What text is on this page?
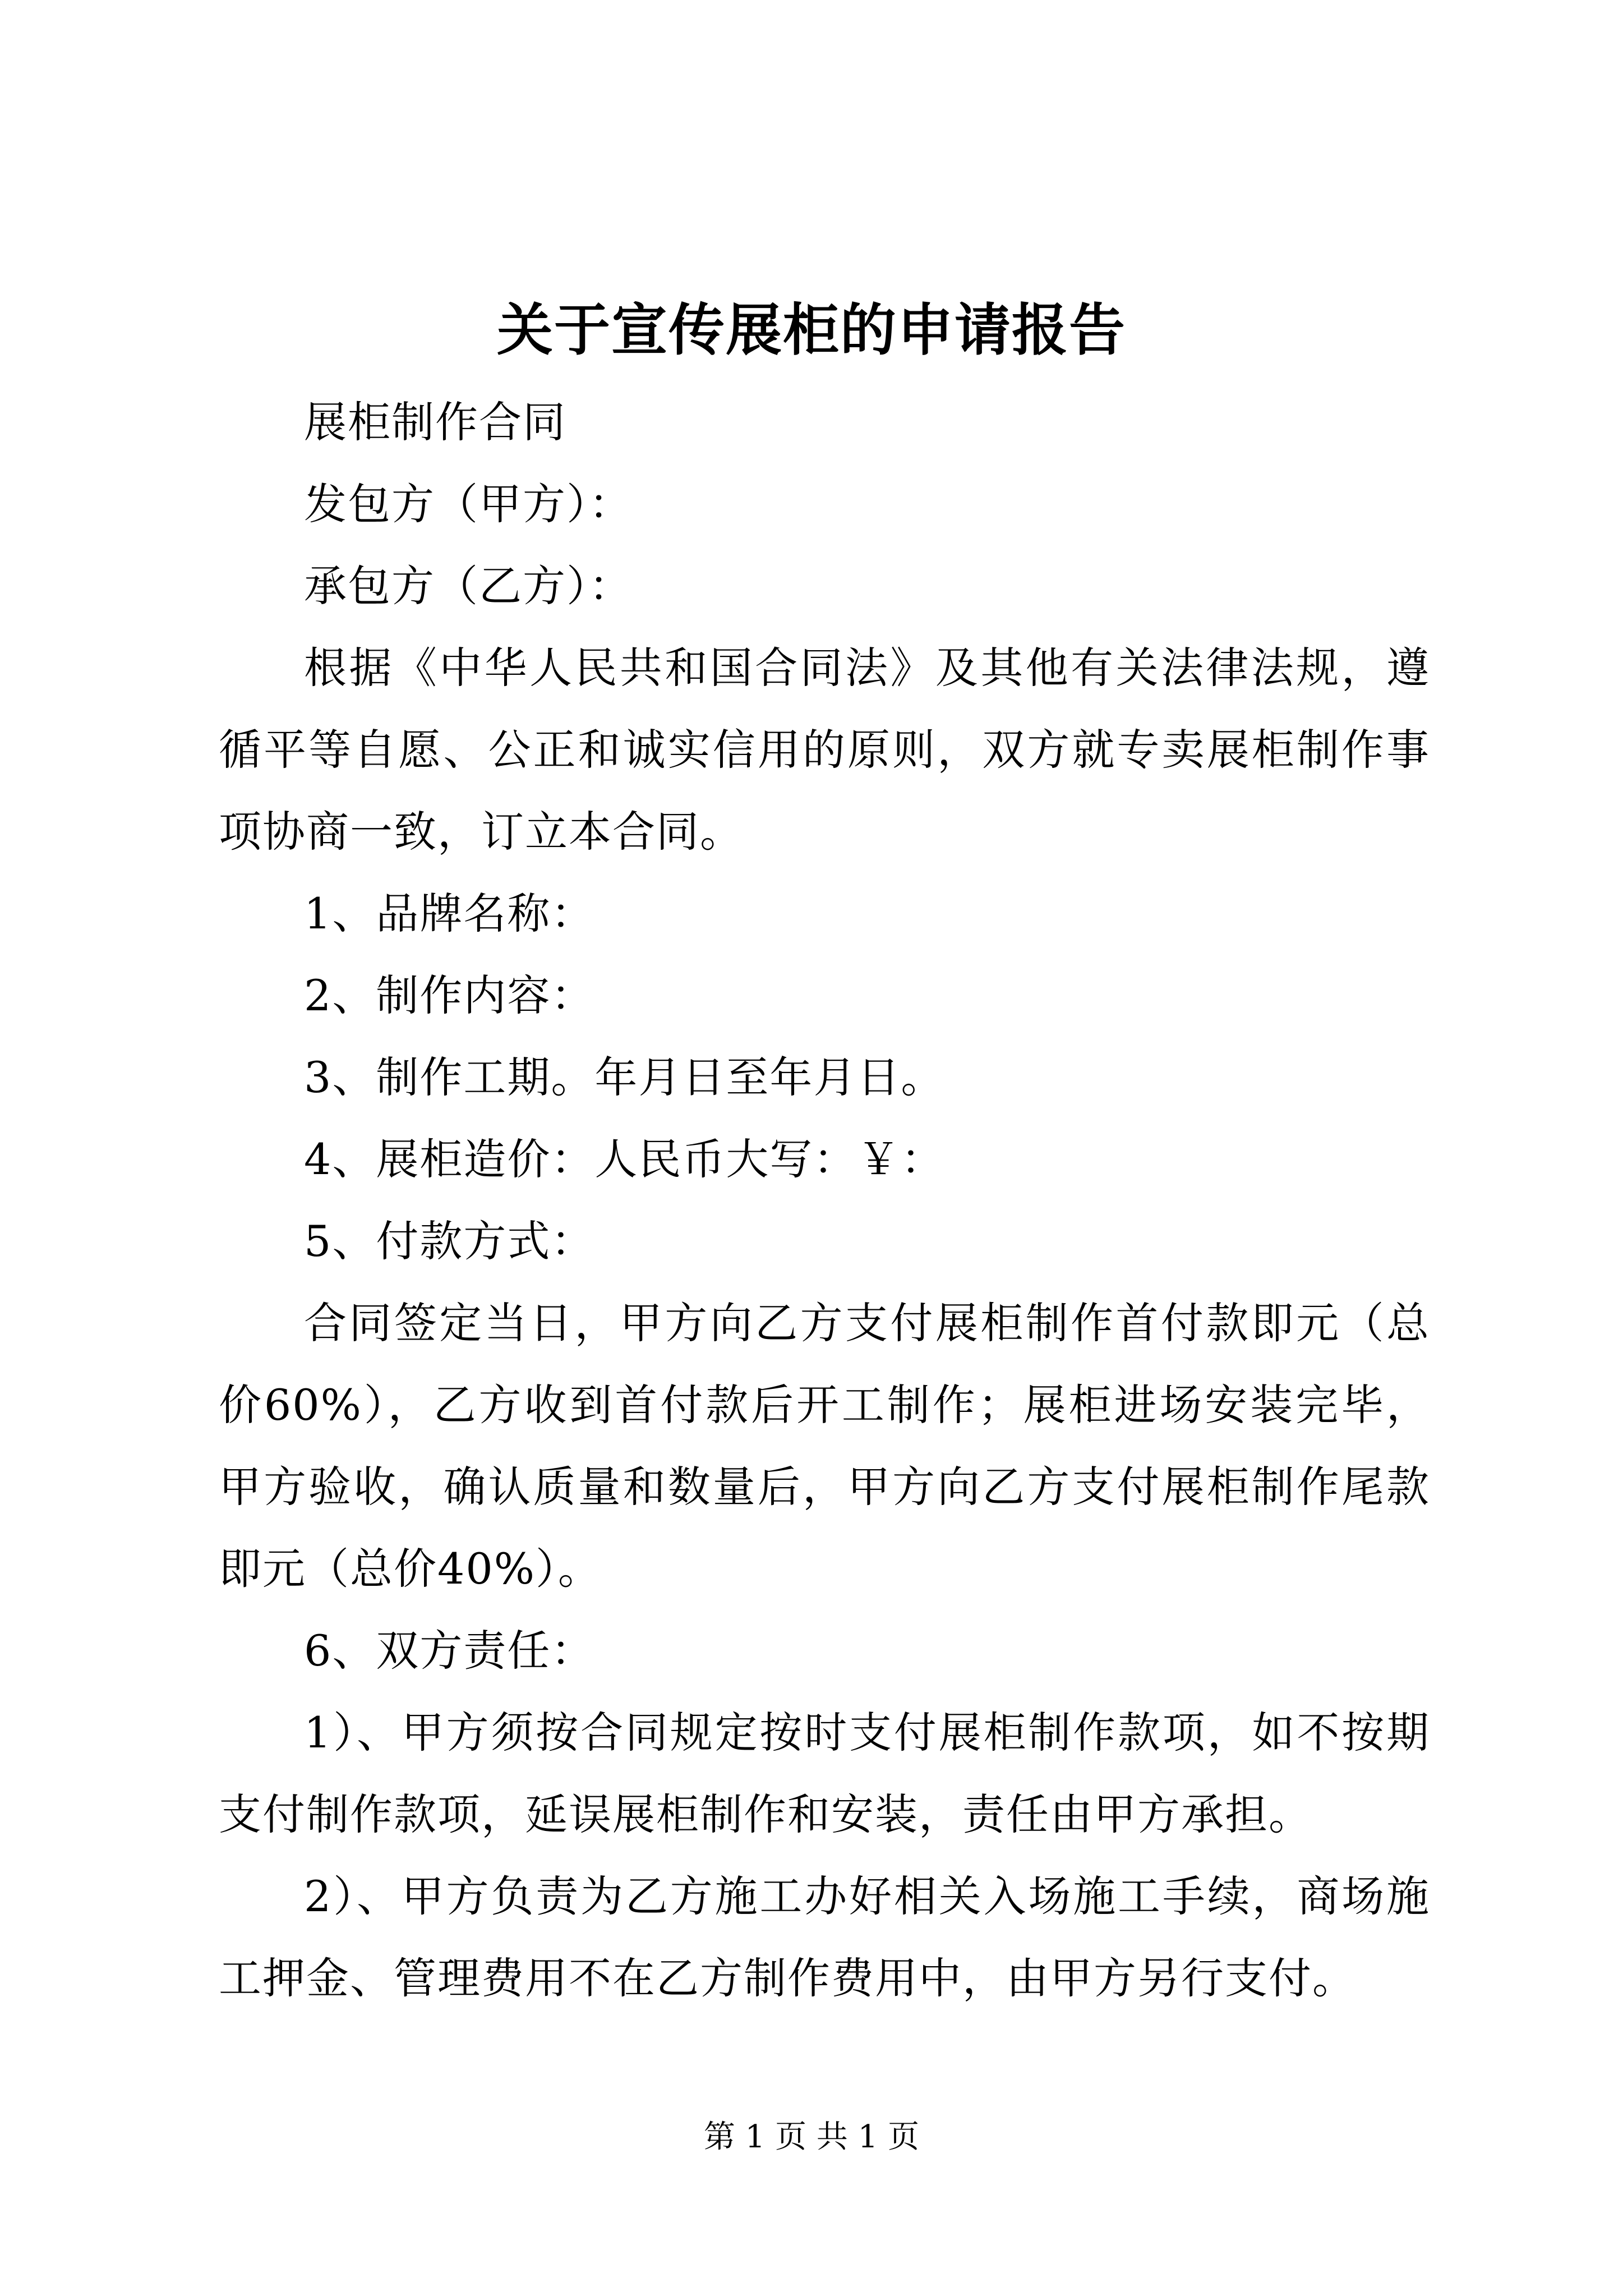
关于宣传展柜的申请报告

展柜制作合同

发包方（甲方）：

承包方（乙方）：

根据《中华人民共和国合同法》及其他有关法律法规，遵循平等自愿、公正和诚实信用的原则，双方就专卖展柜制作事项协商一致，订立本合同。

1、品牌名称：

2、制作内容：

3、制作工期。年月日至年月日。

4、展柜造价：人民币大写：￥：

5、付款方式：

合同签定当日，甲方向乙方支付展柜制作首付款即元（总价60%），乙方收到首付款后开工制作；展柜进场安装完毕，甲方验收，确认质量和数量后，甲方向乙方支付展柜制作尾款即元（总价40%）。

6、双方责任：

1）、甲方须按合同规定按时支付展柜制作款项，如不按期支付制作款项，延误展柜制作和安装，责任由甲方承担。

2）、甲方负责为乙方施工办好相关入场施工手续，商场施工押金、管理费用不在乙方制作费用中，由甲方另行支付。

第 1 页 共 1 页
